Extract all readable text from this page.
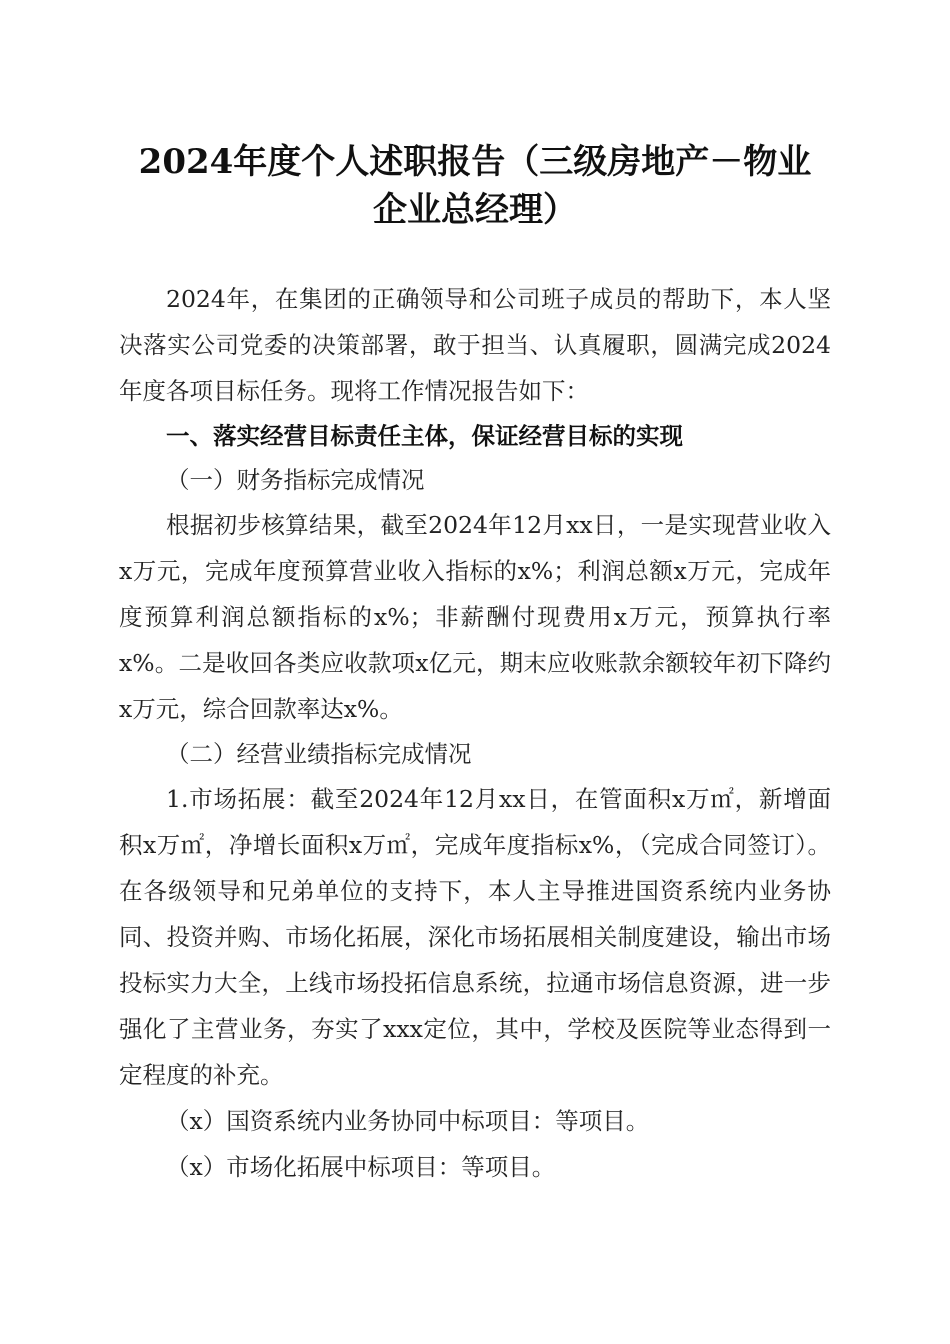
2024年度个人述职报告（三级房地产－物业
企业总经理）

2024年，在集团的正确领导和公司班子成员的帮助下，本人坚决落实公司党委的决策部署，敢于担当、认真履职，圆满完成2024年度各项目标任务。现将工作情况报告如下：

一、落实经营目标责任主体，保证经营目标的实现

（一）财务指标完成情况

根据初步核算结果，截至2024年12月xx日，一是实现营业收入x万元，完成年度预算营业收入指标的x%；利润总额x万元，完成年度预算利润总额指标的x%；非薪酬付现费用x万元，预算执行率x%。二是收回各类应收款项x亿元，期末应收账款余额较年初下降约x万元，综合回款率达x%。

（二）经营业绩指标完成情况

1.市场拓展：截至2024年12月xx日，在管面积x万㎡，新增面积x万㎡，净增长面积x万㎡，完成年度指标x%，（完成合同签订）。在各级领导和兄弟单位的支持下，本人主导推进国资系统内业务协同、投资并购、市场化拓展，深化市场拓展相关制度建设，输出市场投标实力大全，上线市场投拓信息系统，拉通市场信息资源，进一步强化了主营业务，夯实了xxx定位，其中，学校及医院等业态得到一定程度的补充。

（x）国资系统内业务协同中标项目：等项目。

（x）市场化拓展中标项目：等项目。
